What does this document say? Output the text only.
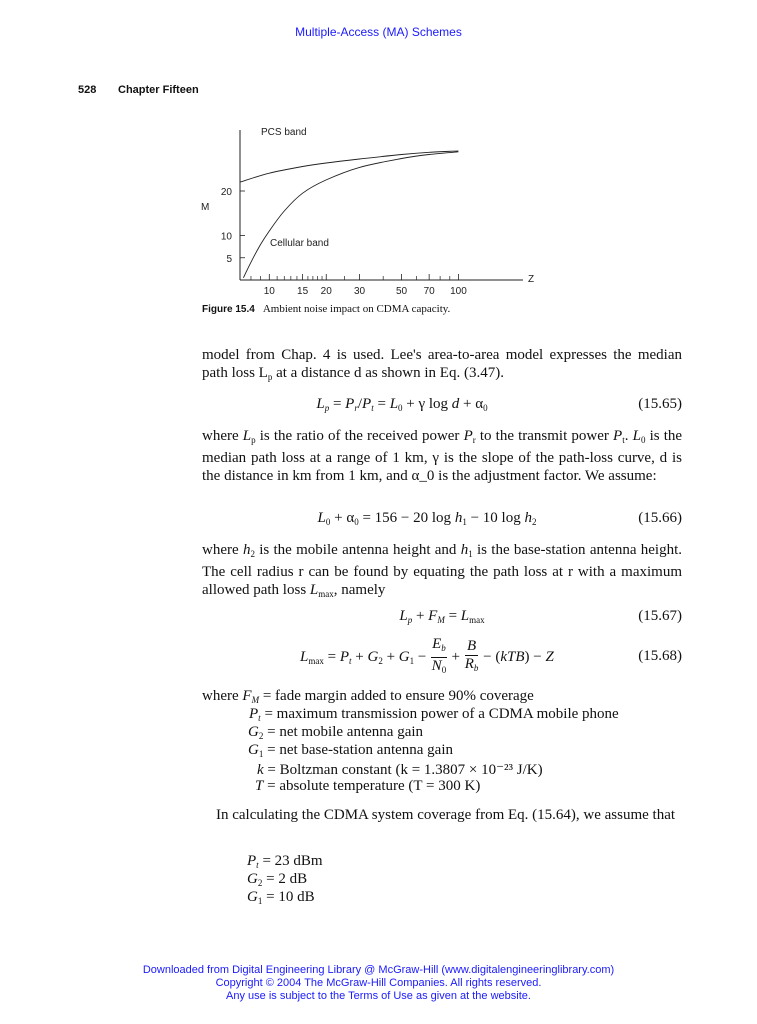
Multiple-Access (MA) Schemes
528 Chapter Fifteen
10 15 20 30	50 70 100
5
10
20
PCS band
Cellular band
M
Z
Figure 15.4 Ambient noise impact on CDMA capacity.
model from Chap. 4 is used. Lee's area-to-area model expresses the median path loss $L_p$ at a distance d as shown in Eq. (3.47).
$L_p = P_r/P_t = L_0 + \gamma$ $\log d + \alpha_0$	(15.65)
where $L_p$ is the ratio of the received power $P_r$ to the transmit power $P_t$. $L_0$ is the median path loss at a range of 1 km, γ is the slope of the path-loss curve, d is the distance in km from 1 km, and α_0 is the adjustment factor. We assume:
$L_0 + \alpha_0 = 156 - 20$ $\log h_1 - 10$ $\log h_2$	(15.66)
where $h_2$ is the mobile antenna height and $h_1$ is the base-station antenna height. The cell radius r can be found by equating the path loss at r with a maximum allowed path loss $L_{max}$, namely
$L_p + F_M = L_{max}$	(15.67)
$L_{max} = P_t + G_2 + G_1 - \frac{E_b}{N_0} + \frac{B}{R_b} - (kTB) - Z$	(15.68)
where $F_M$ = fade margin added to ensure 90% coverage
$P_t$ = maximum transmission power of a CDMA mobile phone
$G_2$ = net mobile antenna gain
$G_1$ = net base-station antenna gain
k = Boltzman constant (k = 1.3807 × 10⁻²³ J/K)
T = absolute temperature (T = 300 K)
In calculating the CDMA system coverage from Eq. (15.64), we assume that
$P_t = 23$ dBm
$G_2 = 2$ dB
$G_1 = 10$ dB
Downloaded from Digital Engineering Library @ McGraw-Hill (www.digitalengineeringlibrary.com)
Copyright © 2004 The McGraw-Hill Companies. All rights reserved.
Any use is subject to the Terms of Use as given at the website.
